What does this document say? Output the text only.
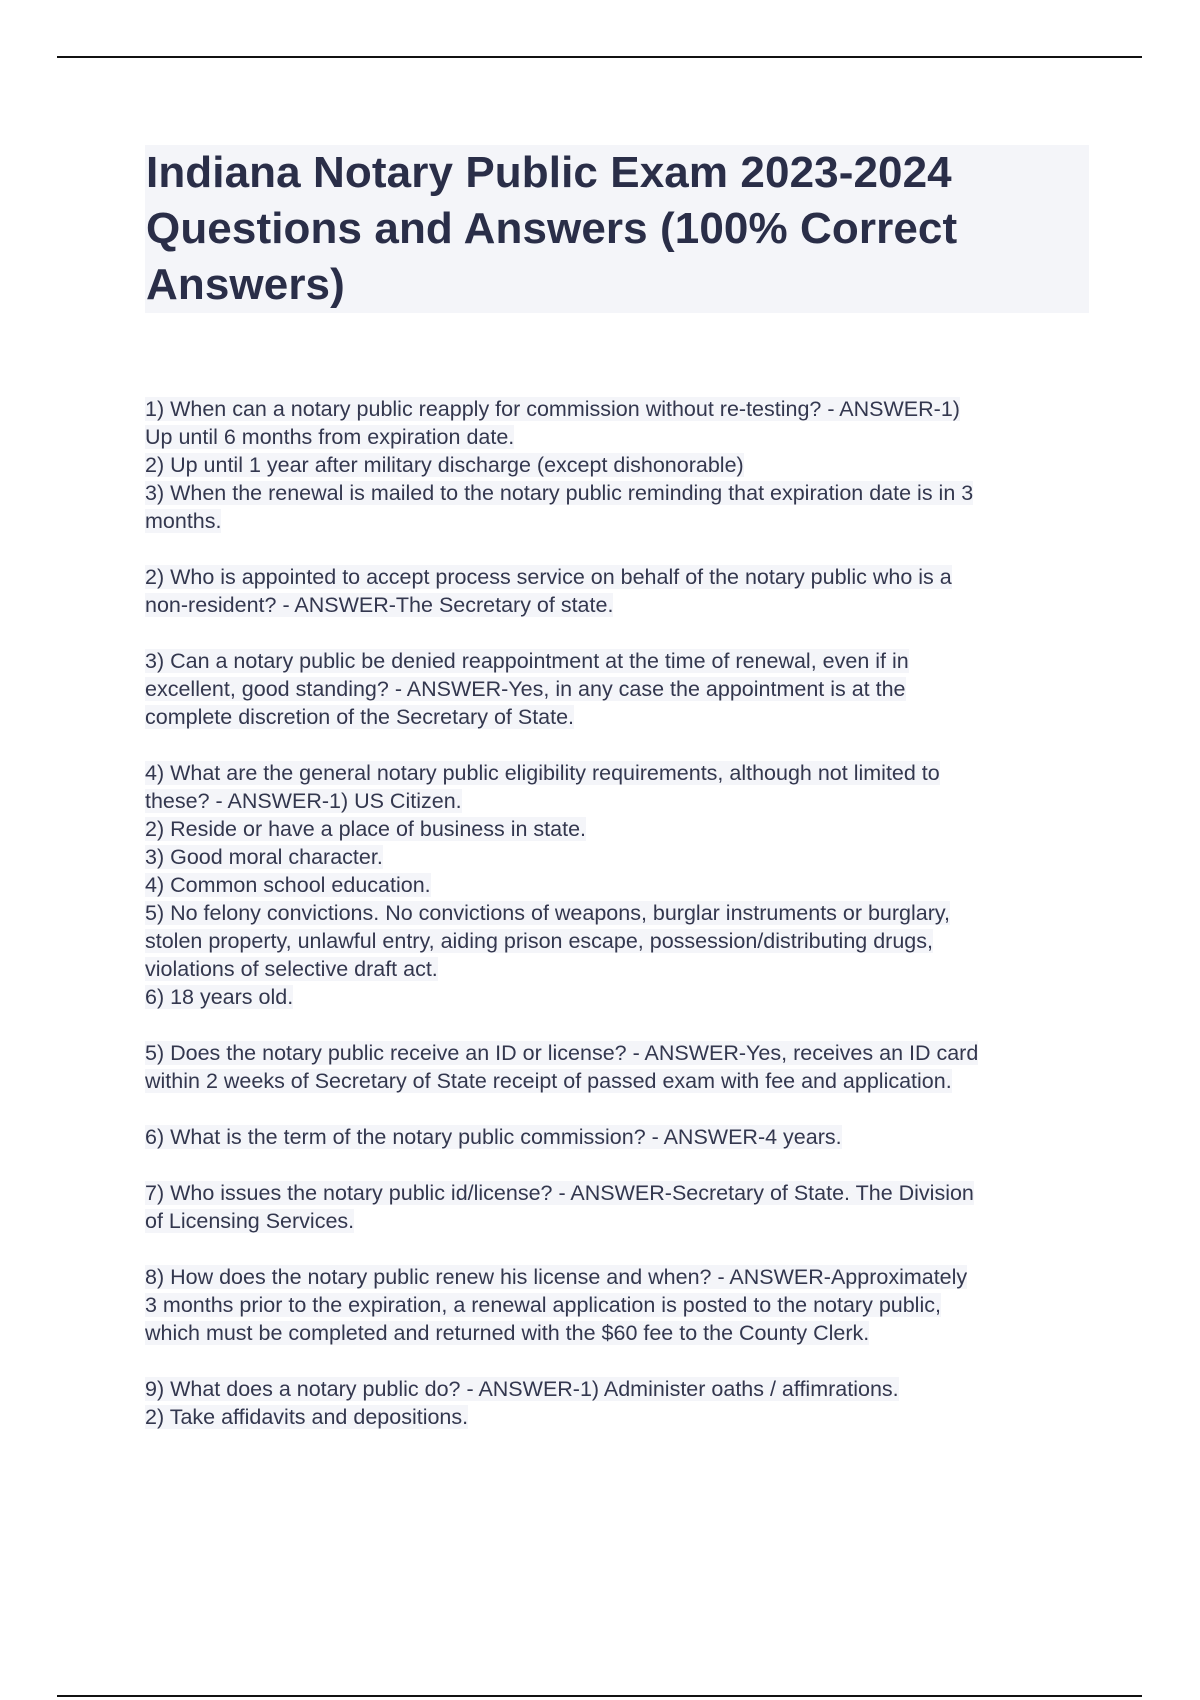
Indiana Notary Public Exam 2023-2024
Questions and Answers (100% Correct
Answers)
1) When can a notary public reapply for commission without re-testing? - ANSWER-1)
Up until 6 months from expiration date.
2) Up until 1 year after military discharge (except dishonorable)
3) When the renewal is mailed to the notary public reminding that expiration date is in 3
months.
2) Who is appointed to accept process service on behalf of the notary public who is a
non-resident? - ANSWER-The Secretary of state.
3) Can a notary public be denied reappointment at the time of renewal, even if in
excellent, good standing? - ANSWER-Yes, in any case the appointment is at the
complete discretion of the Secretary of State.
4) What are the general notary public eligibility requirements, although not limited to
these? - ANSWER-1) US Citizen.
2) Reside or have a place of business in state.
3) Good moral character.
4) Common school education.
5) No felony convictions. No convictions of weapons, burglar instruments or burglary,
stolen property, unlawful entry, aiding prison escape, possession/distributing drugs,
violations of selective draft act.
6) 18 years old.
5) Does the notary public receive an ID or license? - ANSWER-Yes, receives an ID card
within 2 weeks of Secretary of State receipt of passed exam with fee and application.
6) What is the term of the notary public commission? - ANSWER-4 years.
7) Who issues the notary public id/license? - ANSWER-Secretary of State. The Division
of Licensing Services.
8) How does the notary public renew his license and when? - ANSWER-Approximately
3 months prior to the expiration, a renewal application is posted to the notary public,
which must be completed and returned with the $60 fee to the County Clerk.
9) What does a notary public do? - ANSWER-1) Administer oaths / affimrations.
2) Take affidavits and depositions.
